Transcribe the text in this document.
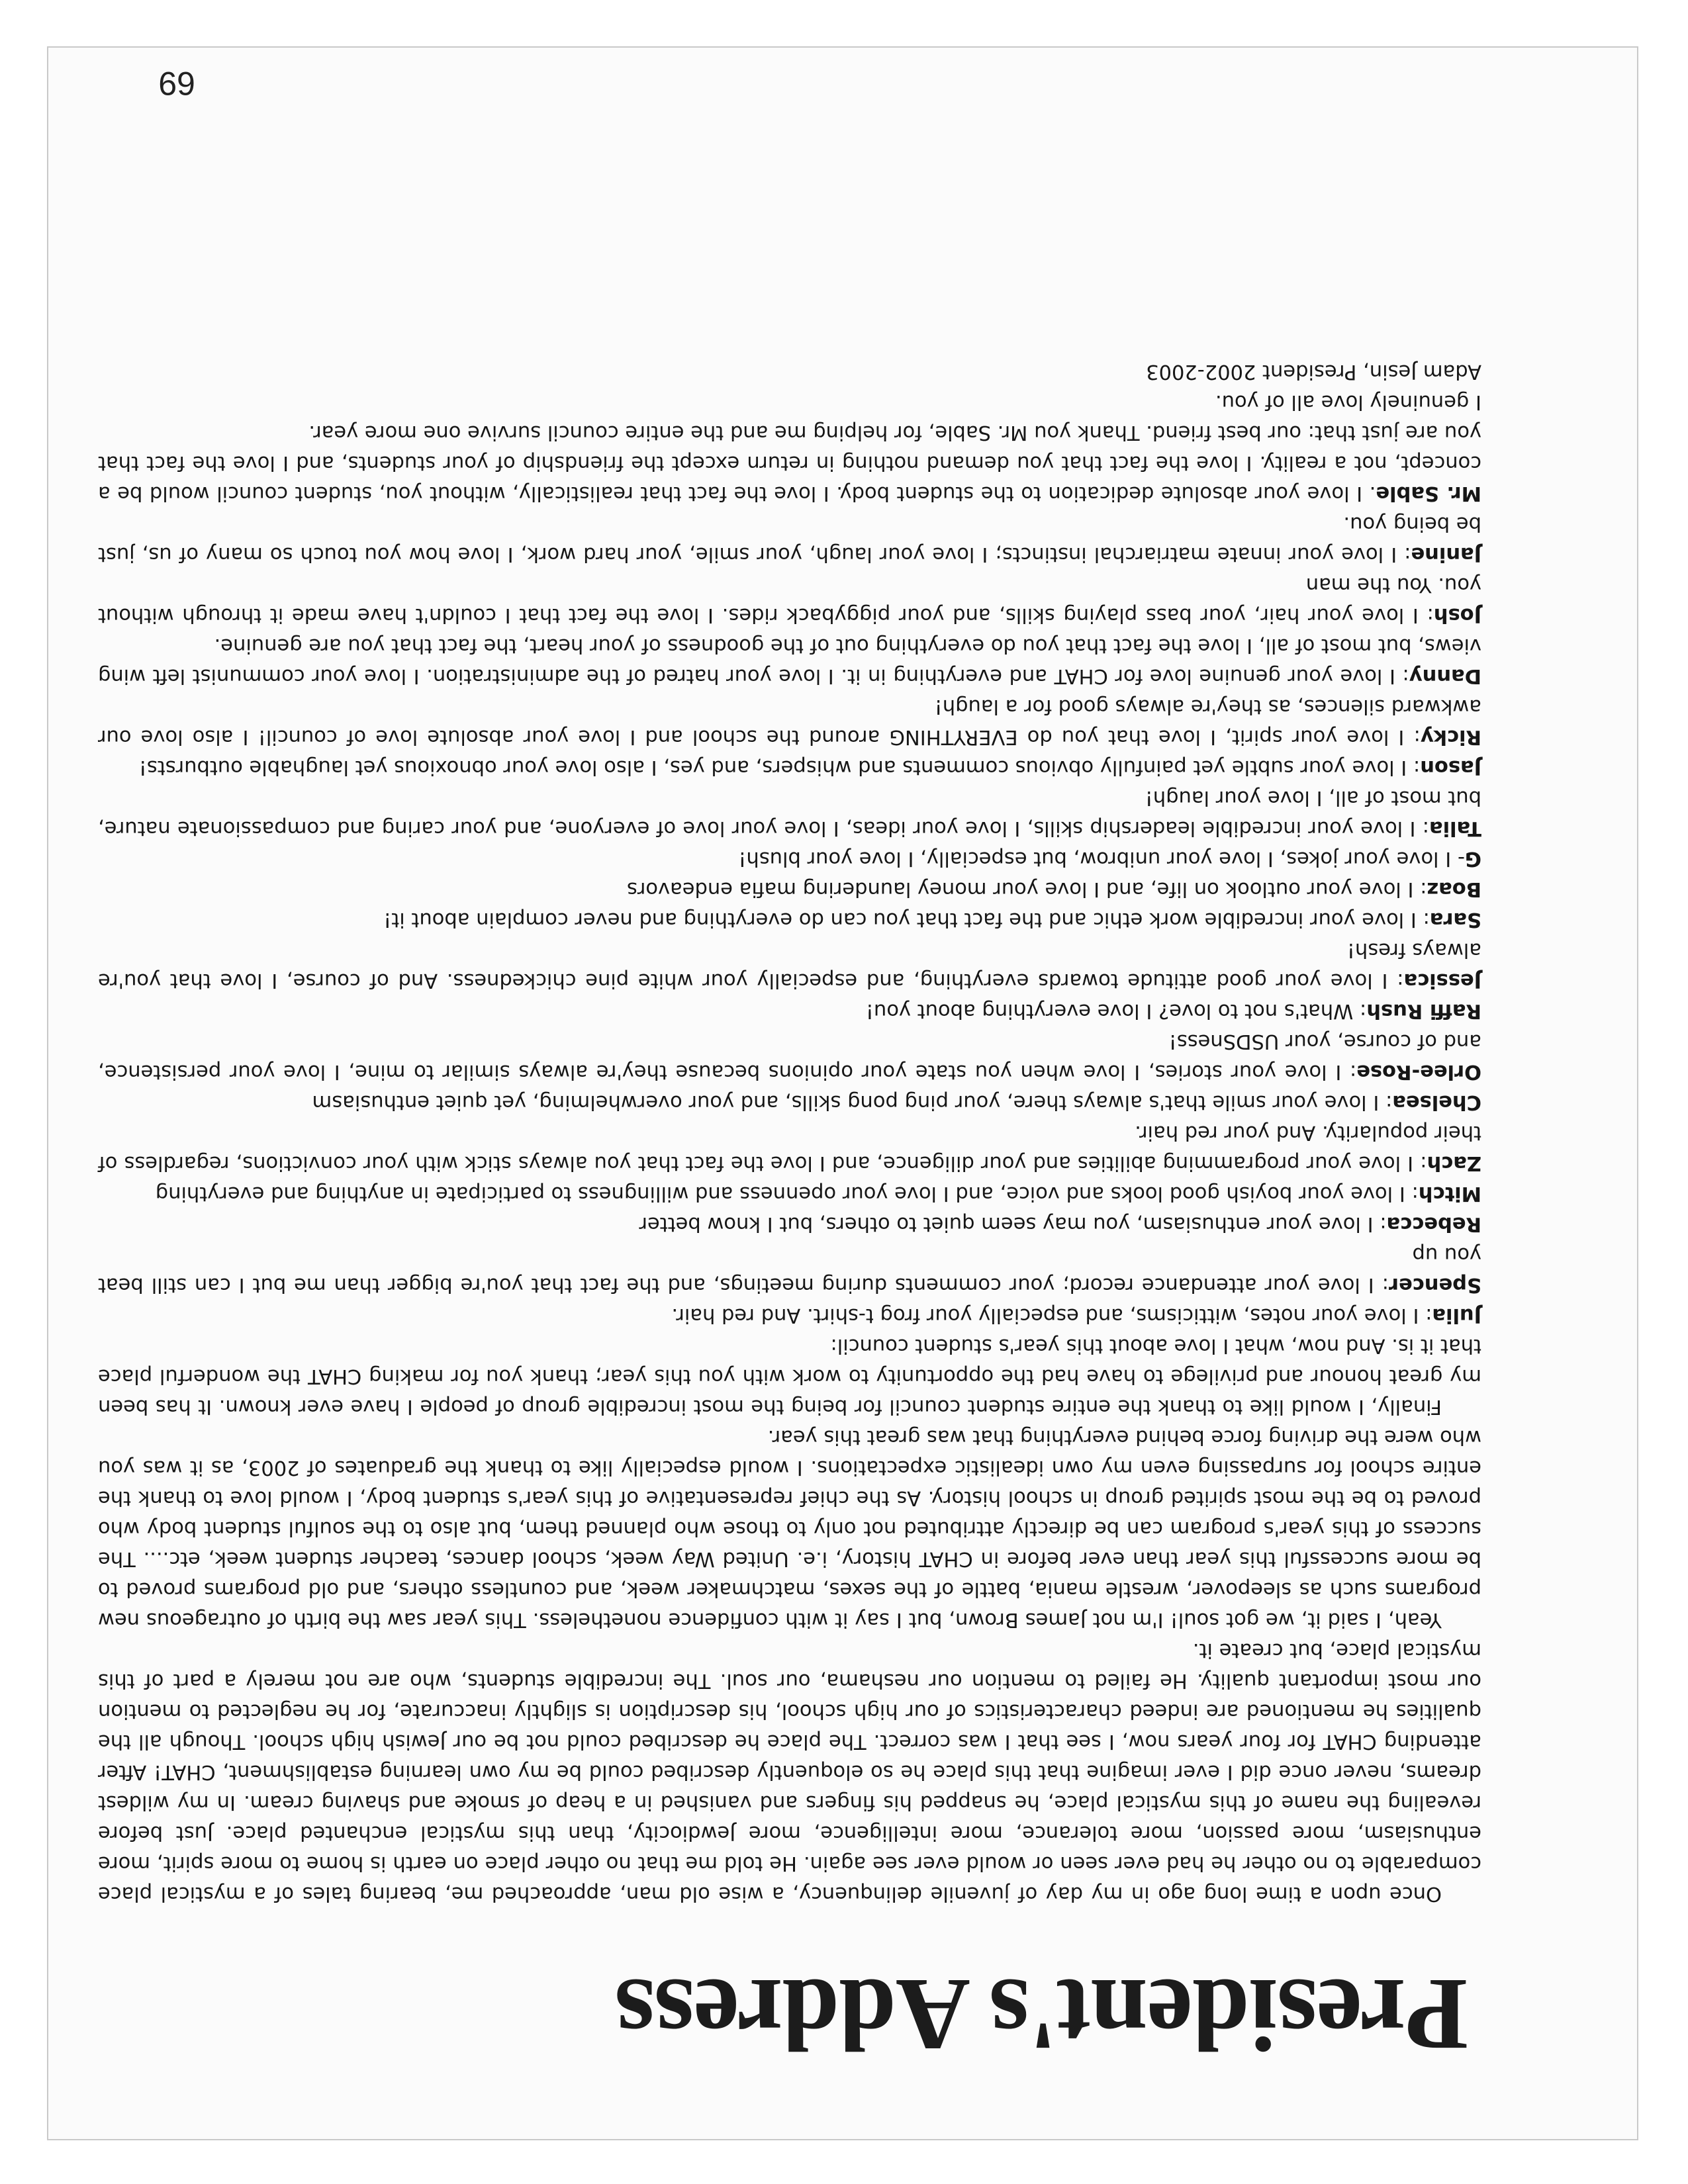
President's Address

Once upon a time long ago in my day of juvenile delinquency, a wise old man, approached me, bearing tales of a mystical place comparable to no other he had ever seen or would ever see again. He told me that no other place on earth is home to more spirit, more enthusiasm, more passion, more tolerance, more intelligence, more Jewdiocity, than this mystical enchanted place. Just before revealing the name of this mystical place, he snapped his fingers and vanished in a heap of smoke and shaving cream. In my wildest dreams, never once did I ever imagine that this place he so eloquently described could be my own learning establishment, CHAT! After attending CHAT for four years now, I see that I was correct. The place he described could not be our Jewish high school. Though all the qualities he mentioned are indeed characteristics of our high school, his description is slightly inaccurate, for he neglected to mention our most important quality. He failed to mention our neshama, our soul. The incredible students, who are not merely a part of this mystical place, but create it.

Yeah, I said it, we got soul! I'm not James Brown, but I say it with confidence nonetheless. This year saw the birth of outrageous new programs such as sleepover, wrestle mania, battle of the sexes, matchmaker week, and countless others, and old programs proved to be more successful this year than ever before in CHAT history, i.e. United Way week, school dances, teacher student week, etc.... The success of this year's program can be directly attributed not only to those who planned them, but also to the soulful student body who proved to be the most spirited group in school history. As the chief representative of this year's student body, I would love to thank the entire school for surpassing even my own idealistic expectations. I would especially like to thank the graduates of 2003, as it was you who were the driving force behind everything that was great this year.

Finally, I would like to thank the entire student council for being the most incredible group of people I have ever known. It has been my great honour and privilege to have had the opportunity to work with you this year; thank you for making CHAT the wonderful place that it is. And now, what I love about this year's student council:

Julia: I love your notes, witticisms, and especially your frog t-shirt. And red hair.

Spencer: I love your attendance record; your comments during meetings, and the fact that you're bigger than me but I can still beat you up

Rebecca: I love your enthusiasm, you may seem quiet to others, but I know better

Mitch: I love your boyish good looks and voice, and I love your openness and willingness to participate in anything and everything

Zach: I love your programming abilities and your diligence, and I love the fact that you always stick with your convictions, regardless of their popularity. And your red hair.

Chelsea: I love your smile that's always there, your ping pong skills, and your overwhelming, yet quiet enthusiasm

Orlee-Rose: I love your stories, I love when you state your opinions because they're always similar to mine, I love your persistence, and of course, your USDSness!

Raffi Rush: What's not to love? I love everything about you!

Jessica: I love your good attitude towards everything, and especially your white pine chickedness. And of course, I love that you're always fresh!

Sara: I love your incredible work ethic and the fact that you can do everything and never complain about it!

Boaz: I love your outlook on life, and I love your money laundering mafia endeavors

G- I love your jokes, I love your unibrow, but especially, I love your blush!

Talia: I love your incredible leadership skills, I love your ideas, I love your love of everyone, and your caring and compassionate nature, but most of all, I love your laugh!

Jason: I love your subtle yet painfully obvious comments and whispers, and yes, I also love your obnoxious yet laughable outbursts!

Ricky: I love your spirit, I love that you do EVERYTHING around the school and I love your absolute love of council! I also love our awkward silences, as they're always good for a laugh!

Danny: I love your genuine love for CHAT and everything in it. I love your hatred of the administration. I love your communist left wing views, but most of all, I love the fact that you do everything out of the goodness of your heart, the fact that you are genuine.

Josh: I love your hair, your bass playing skills, and your piggyback rides. I love the fact that I couldn't have made it through without you. You the man

Janine: I love your innate matriarchal instincts; I love your laugh, your smile, your hard work, I love how you touch so many of us, just be being you.

Mr. Sable. I love your absolute dedication to the student body. I love the fact that realistically, without you, student council would be a concept, not a reality. I love the fact that you demand nothing in return except the friendship of your students, and I love the fact that you are just that: our best friend. Thank you Mr. Sable, for helping me and the entire council survive one more year.

I genuinely love all of you.

Adam Jesin, President 2002-2003

69
